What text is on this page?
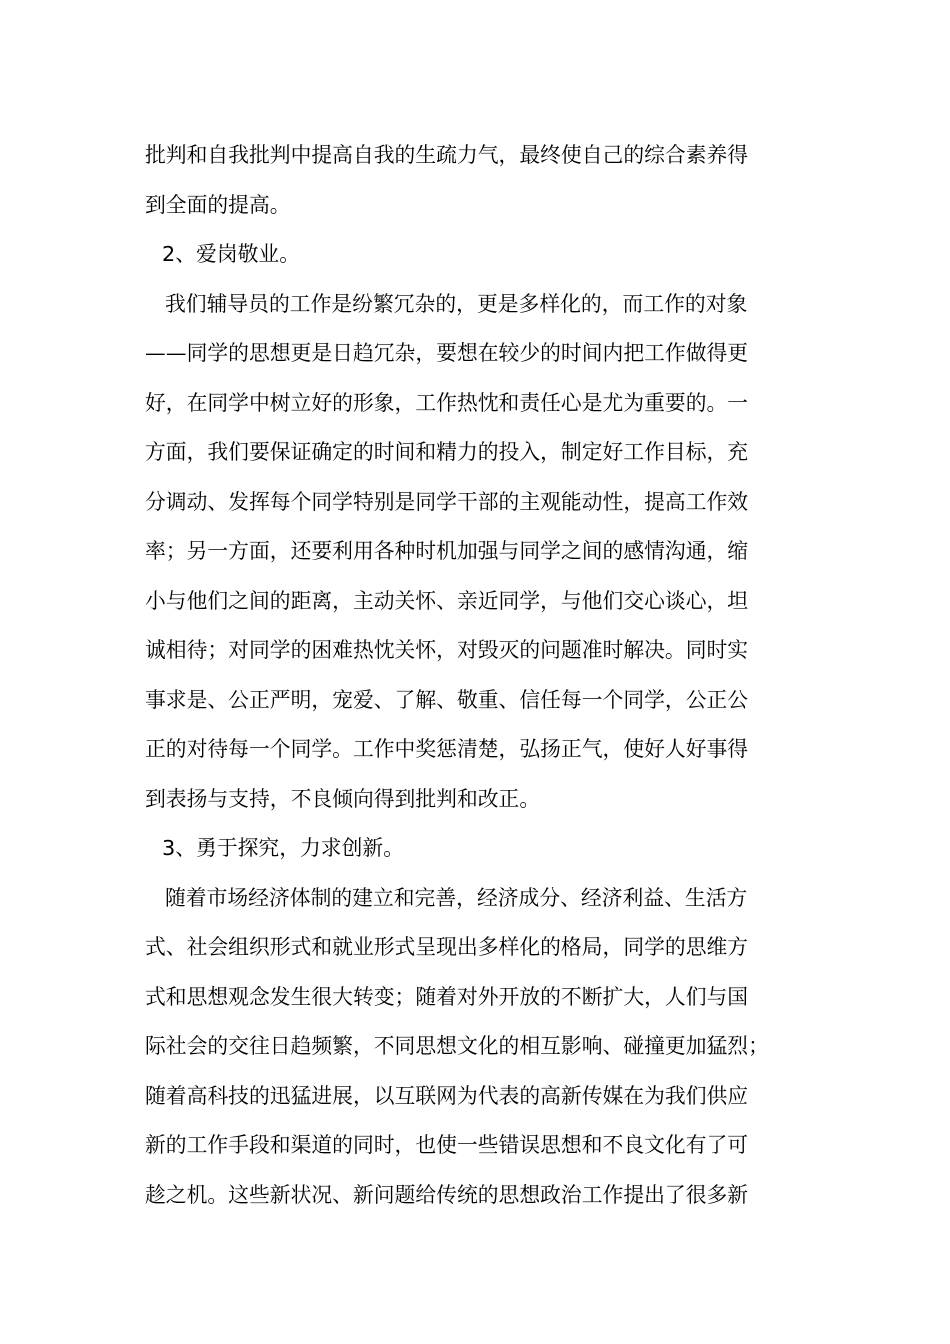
批判和自我批判中提高自我的生疏力气，最终使自己的综合素养得
到全面的提高。
2、爱岗敬业。
我们辅导员的工作是纷繁冗杂的，更是多样化的，而工作的对象
——同学的思想更是日趋冗杂，要想在较少的时间内把工作做得更
好，在同学中树立好的形象，工作热忱和责任心是尤为重要的。一
方面，我们要保证确定的时间和精力的投入，制定好工作目标，充
分调动、发挥每个同学特别是同学干部的主观能动性，提高工作效
率；另一方面，还要利用各种时机加强与同学之间的感情沟通，缩
小与他们之间的距离，主动关怀、亲近同学，与他们交心谈心，坦
诚相待；对同学的困难热忱关怀，对毁灭的问题准时解决。同时实
事求是、公正严明，宠爱、了解、敬重、信任每一个同学，公正公
正的对待每一个同学。工作中奖惩清楚，弘扬正气，使好人好事得
到表扬与支持，不良倾向得到批判和改正。
3、勇于探究，力求创新。
随着市场经济体制的建立和完善，经济成分、经济利益、生活方
式、社会组织形式和就业形式呈现出多样化的格局，同学的思维方
式和思想观念发生很大转变；随着对外开放的不断扩大，人们与国
际社会的交往日趋频繁，不同思想文化的相互影响、碰撞更加猛烈；
随着高科技的迅猛进展，以互联网为代表的高新传媒在为我们供应
新的工作手段和渠道的同时，也使一些错误思想和不良文化有了可
趁之机。这些新状况、新问题给传统的思想政治工作提出了很多新
